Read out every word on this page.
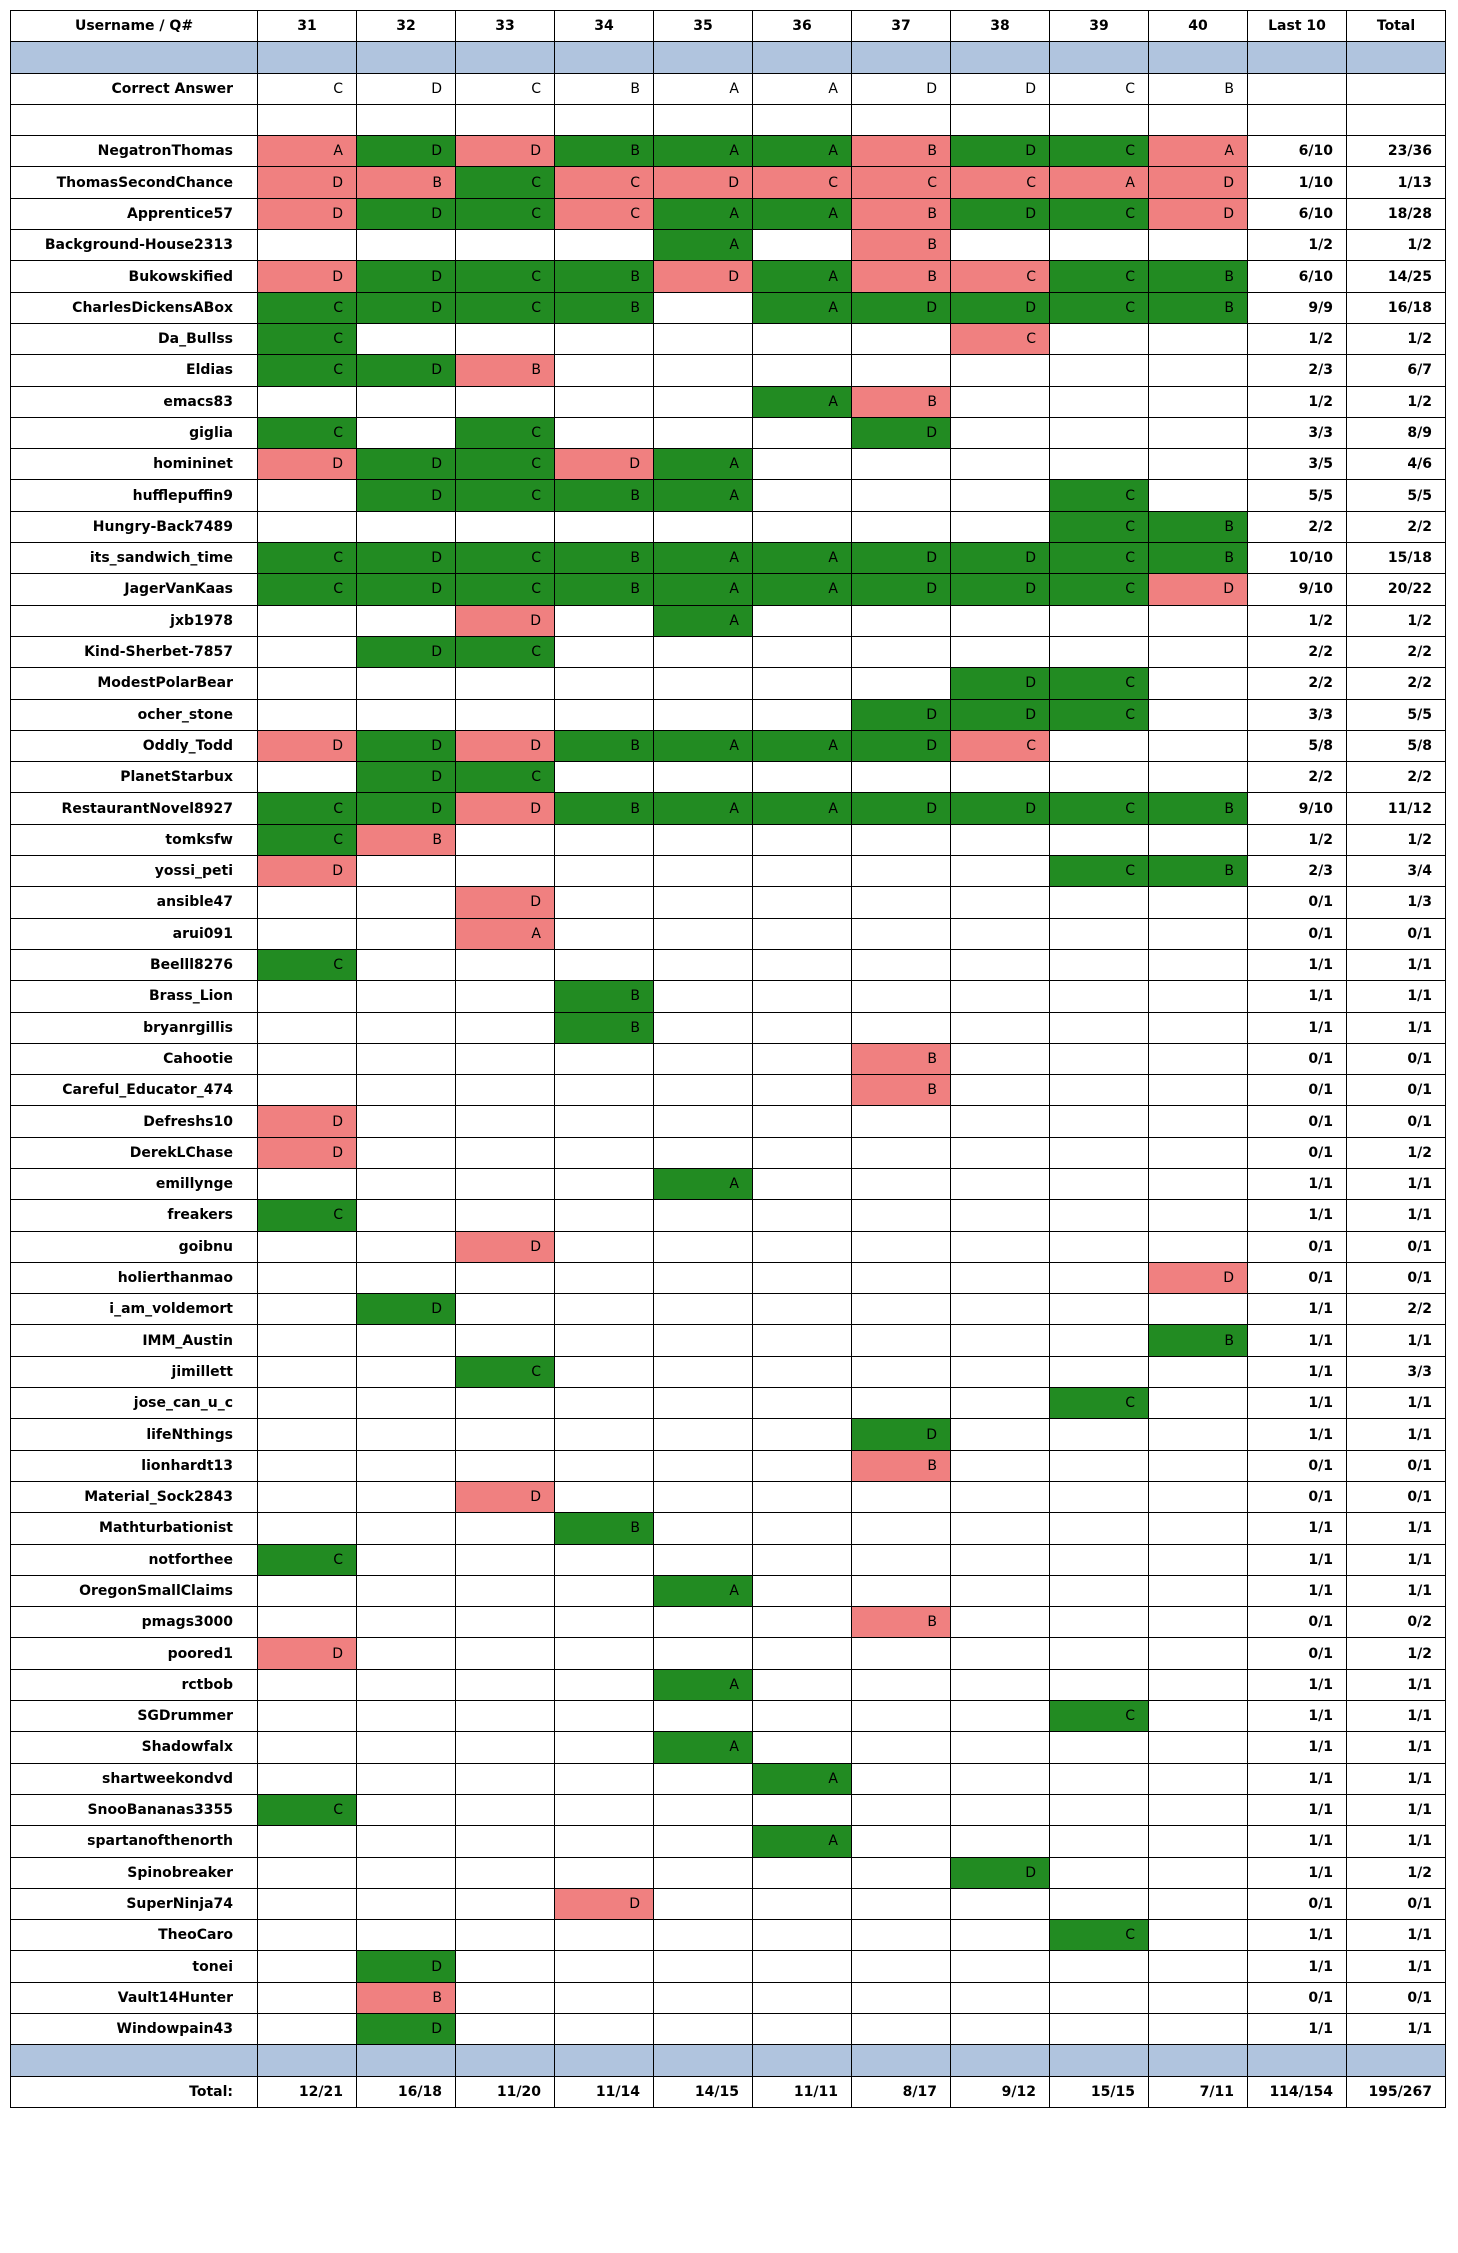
Username / Q#	31	32	33	34	35	36	37	38	39	40	Last 10	Total

Correct Answer	C	D	C	B	A	A	D	D	C	B		

NegatronThomas	A	D	D	B	A	A	B	D	C	A	6/10	23/36
ThomasSecondChance	D	B	C	C	D	C	C	C	A	D	1/10	1/13
Apprentice57	D	D	C	C	A	A	B	D	C	D	6/10	18/28
Background-House2313					A		B				1/2	1/2
Bukowskified	D	D	C	B	D	A	B	C	C	B	6/10	14/25
CharlesDickensABox	C	D	C	B		A	D	D	C	B	9/9	16/18
Da_Bullss	C							C			1/2	1/2
Eldias	C	D	B								2/3	6/7
emacs83						A	B				1/2	1/2
giglia	C		C				D				3/3	8/9
homininеt	D	D	C	D	A						3/5	4/6
hufflepuffin9		D	C	B	A				C		5/5	5/5
Hungry-Back7489									C	B	2/2	2/2
its_sandwich_time	C	D	C	B	A	A	D	D	C	B	10/10	15/18
JagerVanKaas	C	D	C	B	A	A	D	D	C	D	9/10	20/22
jxb1978			D		A						1/2	1/2
Kind-Sherbet-7857		D	C								2/2	2/2
ModestPolarBear								D	C		2/2	2/2
ocher_stone							D	D	C		3/3	5/5
Oddly_Todd	D	D	D	B	A	A	D	C			5/8	5/8
PlanetStarbux		D	C								2/2	2/2
RestaurantNovel8927	C	D	D	B	A	A	D	D	C	B	9/10	11/12
tomksfw	C	B									1/2	1/2
yossi_peti	D								C	B	2/3	3/4
ansible47			D								0/1	1/3
arui091			A								0/1	0/1
Beelll8276	C										1/1	1/1
Brass_Lion				B							1/1	1/1
bryanrgillis				B							1/1	1/1
Cahootie							B				0/1	0/1
Careful_Educator_474							B				0/1	0/1
Defreshs10	D										0/1	0/1
DerekLChase	D										0/1	1/2
emillynge					A						1/1	1/1
freakers	C										1/1	1/1
goibnu			D								0/1	0/1
holierthanmao										D	0/1	0/1
i_am_voldemort		D									1/1	2/2
IMM_Austin										B	1/1	1/1
jimillett			C								1/1	3/3
jose_can_u_c									C		1/1	1/1
lifeNthings							D				1/1	1/1
lionhardt13							B				0/1	0/1
Material_Sock2843			D								0/1	0/1
Mathturbationist				B							1/1	1/1
notforthee	C										1/1	1/1
OregonSmallClaims					A						1/1	1/1
pmags3000							B				0/1	0/2
poored1	D										0/1	1/2
rctbob					A						1/1	1/1
SGDrummer									C		1/1	1/1
Shadowfalx					A						1/1	1/1
shartweekondvd						A					1/1	1/1
SnooBananas3355	C										1/1	1/1
spartanofthenorth						A					1/1	1/1
Spinobreaker								D			1/1	1/2
SuperNinja74				D							0/1	0/1
TheoCaro									C		1/1	1/1
tonei		D									1/1	1/1
Vault14Hunter		B									0/1	0/1
Windowpain43		D									1/1	1/1

Total:	12/21	16/18	11/20	11/14	14/15	11/11	8/17	9/12	15/15	7/11	114/154	195/267
